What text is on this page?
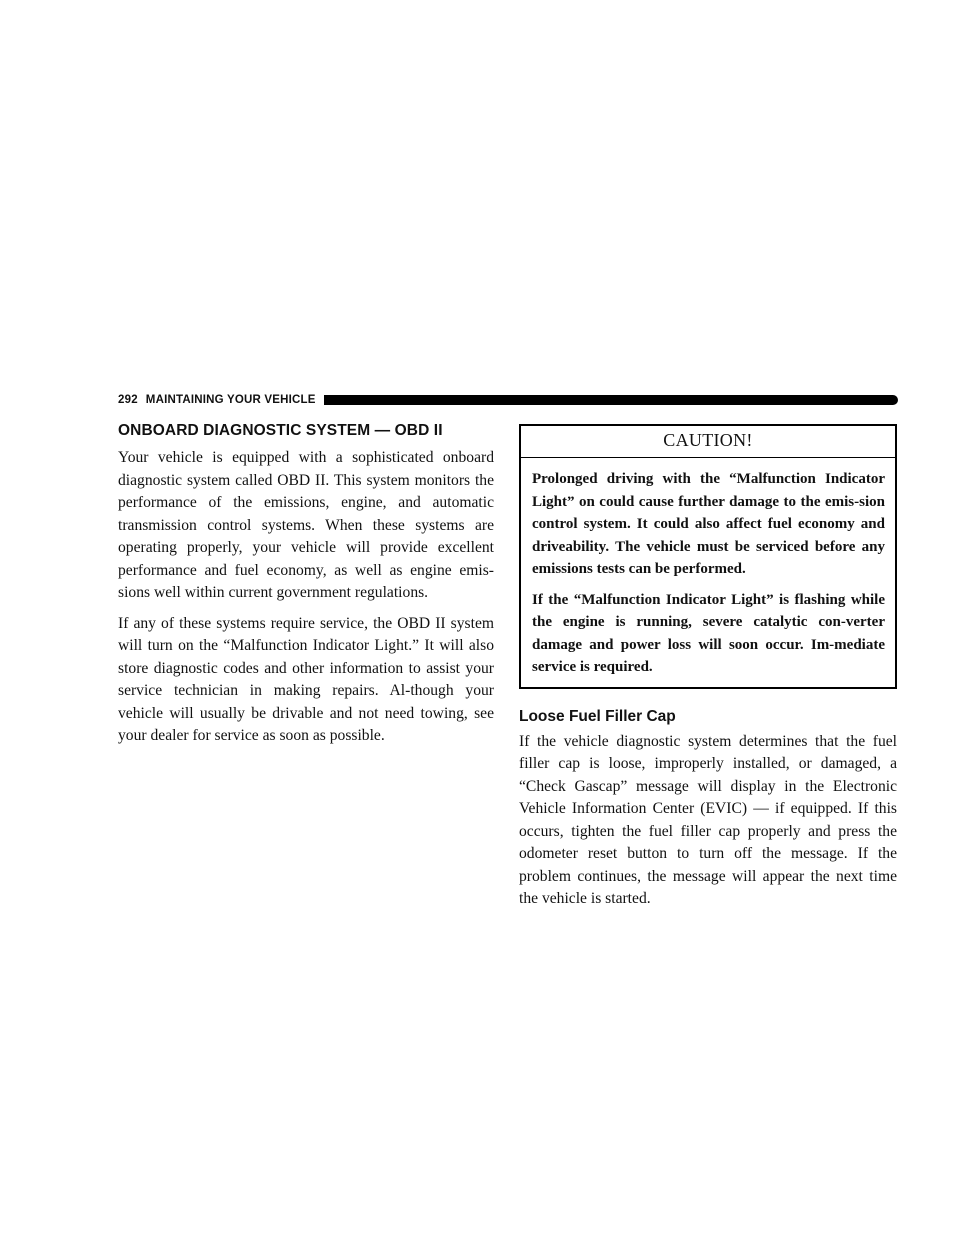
292 MAINTAINING YOUR VEHICLE
ONBOARD DIAGNOSTIC SYSTEM — OBD II

Your vehicle is equipped with a sophisticated onboard diagnostic system called OBD II. This system monitors the performance of the emissions, engine, and automatic transmission control systems. When these systems are operating properly, your vehicle will provide excellent performance and fuel economy, as well as engine emis-sions well within current government regulations.

If any of these systems require service, the OBD II system will turn on the “Malfunction Indicator Light.” It will also store diagnostic codes and other information to assist your service technician in making repairs. Al-though your vehicle will usually be drivable and not need towing, see your dealer for service as soon as possible.

CAUTION!

Prolonged driving with the “Malfunction Indicator Light” on could cause further damage to the emis-sion control system. It could also affect fuel economy and driveability. The vehicle must be serviced before any emissions tests can be performed.

If the “Malfunction Indicator Light” is flashing while the engine is running, severe catalytic con-verter damage and power loss will soon occur. Im-mediate service is required.

Loose Fuel Filler Cap

If the vehicle diagnostic system determines that the fuel filler cap is loose, improperly installed, or damaged, a “Check Gascap” message will display in the Electronic Vehicle Information Center (EVIC) — if equipped. If this occurs, tighten the fuel filler cap properly and press the odometer reset button to turn off the message. If the problem continues, the message will appear the next time the vehicle is started.
